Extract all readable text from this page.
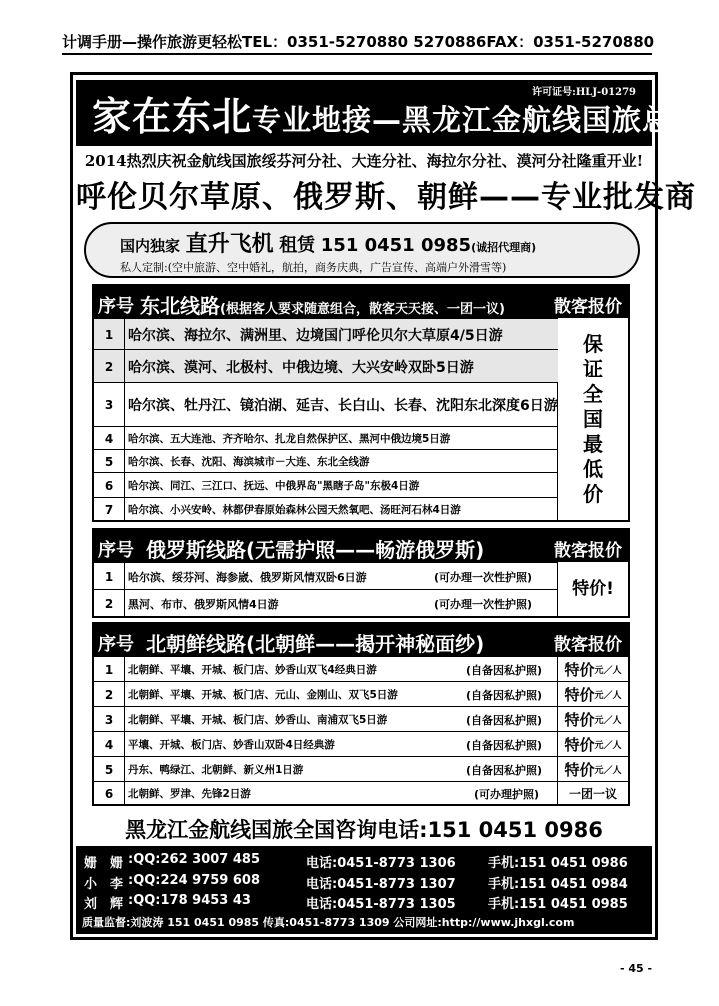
计调手册—操作旅游更轻松 TEL：0351-5270880 5270886 FAX：0351-5270880
家在东北专业地接—黑龙江金航线国旅总社
许可证号:HLJ-01279
2014热烈庆祝金航线国旅绥芬河分社、大连分社、海拉尔分社、漠河分社隆重开业!
呼伦贝尔草原、俄罗斯、朝鲜——专业批发商
国内独家 直升飞机 租赁 151 0451 0985(诚招代理商)
私人定制:(空中旅游、空中婚礼，航拍，商务庆典，广告宣传、高端户外滑雪等)
序号 东北线路(根据客人要求随意组合，散客天天接、一团一议)	散客报价
保
证
全
国
最
低
价
1	哈尔滨、海拉尔、满洲里、边境国门呼伦贝尔大草原4/5日游
2	哈尔滨、漠河、北极村、中俄边境、大兴安岭双卧5日游
3	哈尔滨、牡丹江、镜泊湖、延吉、长白山、长春、沈阳东北深度6日游
4	哈尔滨、五大连池、齐齐哈尔、扎龙自然保护区、黑河中俄边境5日游
5	哈尔滨、长春、沈阳、海滨城市－大连、东北全线游
6	哈尔滨、同江、三江口、抚远、中俄界岛"黑瞎子岛"东极4日游
7	哈尔滨、小兴安岭、林都伊春原始森林公园天然氧吧、汤旺河石林4日游
序号 俄罗斯线路(无需护照——畅游俄罗斯)	散客报价
特价!
1	哈尔滨、绥芬河、海参崴、俄罗斯风情双卧6日游	(可办理一次性护照)
2	黑河、布市、俄罗斯风情4日游	(可办理一次性护照)
序号 北朝鲜线路(北朝鲜——揭开神秘面纱)	散客报价
1	北朝鲜、平壤、开城、板门店、妙香山双飞4经典日游	(自备因私护照) 特价 元／人
2	北朝鲜、平壤、开城、板门店、元山、金刚山、双飞5日游	(自备因私护照) 特价 元／人
3	北朝鲜、平壤、开城、板门店、妙香山、南浦双飞5日游	(自备因私护照) 特价 元／人
4	平壤、开城、板门店、妙香山双卧4日经典游	(自备因私护照) 特价 元／人
5	丹东、鸭绿江、北朝鲜、新义州1日游	(自备因私护照) 特价 元／人
6	北朝鲜、罗津、先锋2日游	(可办理护照)	一团一议
黑龙江金航线国旅全国咨询电话:151 0451 0986
姗　姗 :QQ:262 3007 485	电话:0451-8773 1306 手机:151 0451 0986
小　李 :QQ:224 9759 608	电话:0451-8773 1307 手机:151 0451 0984
刘　辉 :QQ:178 9453 43	电话:0451-8773 1305 手机:151 0451 0985
质量监督:刘波涛 151 0451 0985 传真:0451-8773 1309 公司网址:http://www.jhxgl.com
- 45 -
